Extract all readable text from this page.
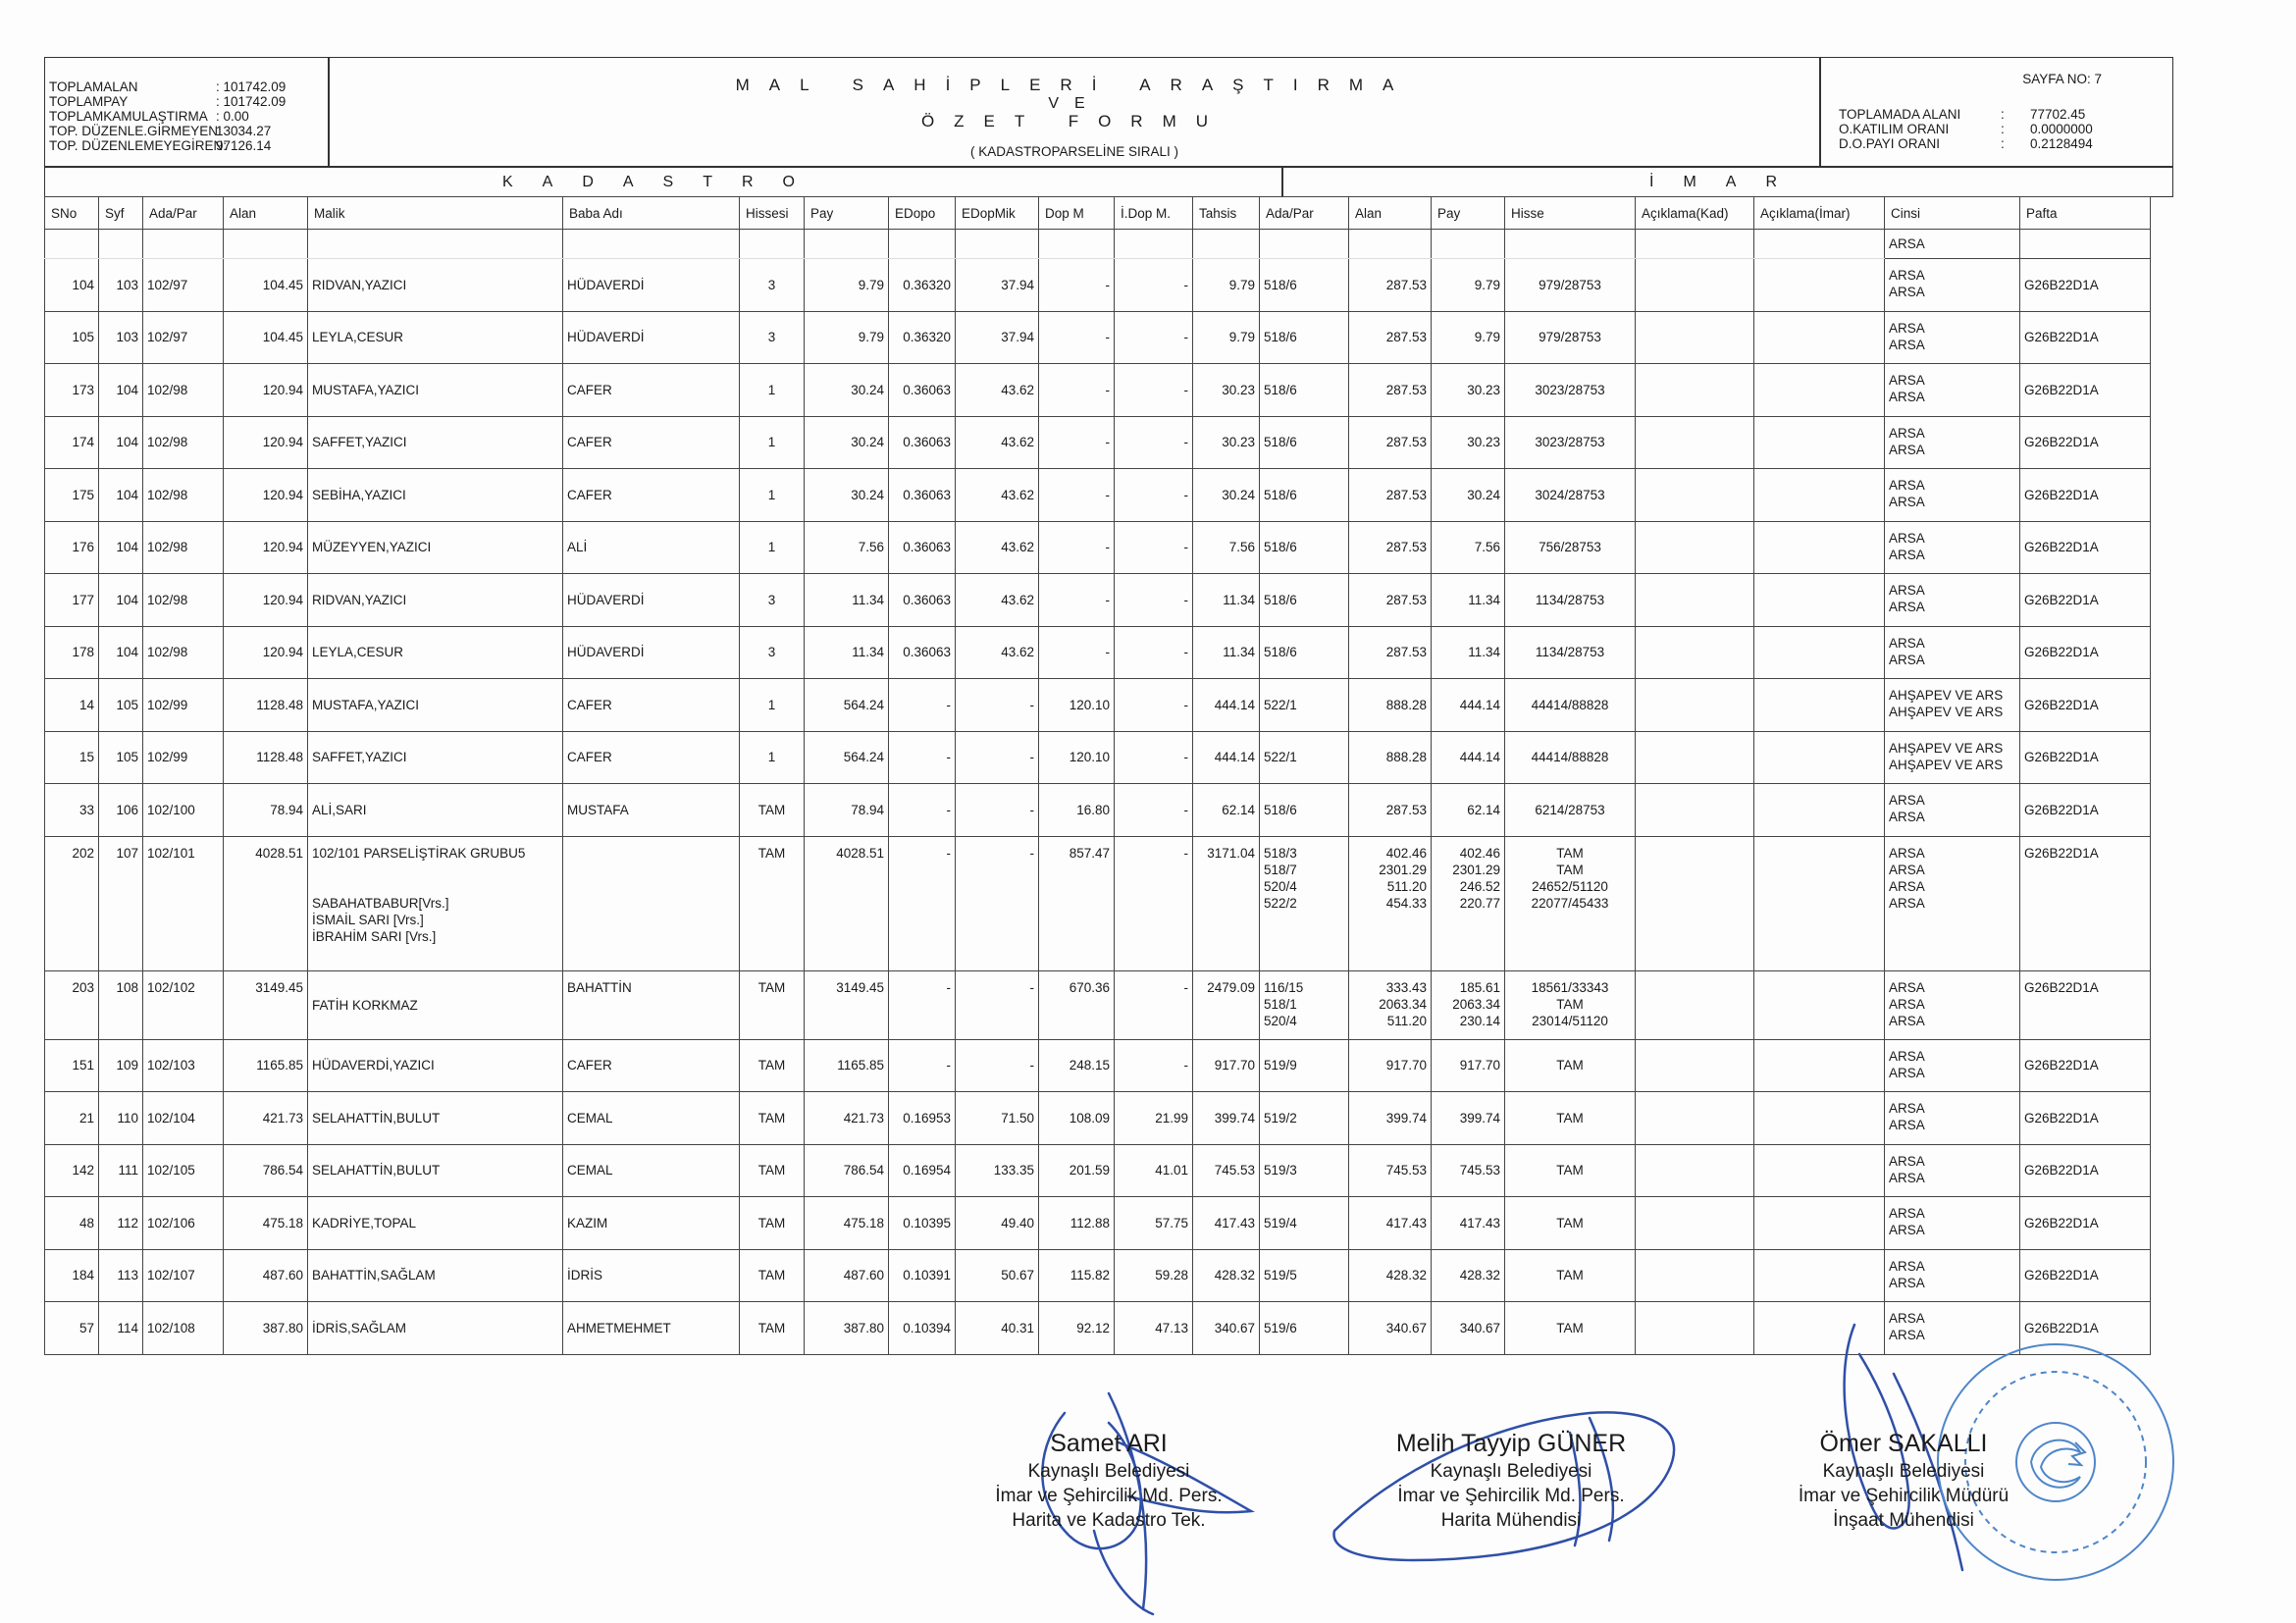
TOPLAMALAN	: 101742.09
TOPLAMPAY	: 101742.09
TOPLAMKAMULAŞTIRMA : 0.00
TOP. DÜZENLE.GİRMEYEN:
13034.27
TOP. DÜZENLEMEYEGİREN:
97126.14
MAL SAHİPLERİ ARAŞTIRMA
VE
ÖZET FORMU
( KADASTROPARSELİNE SIRALI )
SAYFA NO: 7
TOPLAMADA ALANI	:	77702.45
O.KATILIM ORANI	:	0.0000000
D.O.PAYI ORANI	:	0.2128494
KADASTRO	İMAR
SNo	Syf	Ada/Par	Alan	Malik	Baba Adı	Hissesi	Pay	EDopo	EDopMik	Dop M	İ.Dop M.	Tahsis	Ada/Par	Alan	Pay	Hisse	Açıklama(Kad)	Açıklama(İmar)	Cinsi	Pafta
																			ARSA	
104	103	102/97	104.45	RIDVAN,YAZICI	HÜDAVERDİ	3	9.79	0.36320	37.94	-	-	9.79	518/6	287.53	9.79	979/28753			ARSA
ARSA	G26B22D1A
105	103	102/97	104.45	LEYLA,CESUR	HÜDAVERDİ	3	9.79	0.36320	37.94	-	-	9.79	518/6	287.53	9.79	979/28753			ARSA
ARSA	G26B22D1A
173	104	102/98	120.94	MUSTAFA,YAZICI	CAFER	1	30.24	0.36063	43.62	-	-	30.23	518/6	287.53	30.23	3023/28753			ARSA
ARSA	G26B22D1A
174	104	102/98	120.94	SAFFET,YAZICI	CAFER	1	30.24	0.36063	43.62	-	-	30.23	518/6	287.53	30.23	3023/28753			ARSA
ARSA	G26B22D1A
175	104	102/98	120.94	SEBİHA,YAZICI	CAFER	1	30.24	0.36063	43.62	-	-	30.24	518/6	287.53	30.24	3024/28753			ARSA
ARSA	G26B22D1A
176	104	102/98	120.94	MÜZEYYEN,YAZICI	ALİ	1	7.56	0.36063	43.62	-	-	7.56	518/6	287.53	7.56	756/28753			ARSA
ARSA	G26B22D1A
177	104	102/98	120.94	RIDVAN,YAZICI	HÜDAVERDİ	3	11.34	0.36063	43.62	-	-	11.34	518/6	287.53	11.34	1134/28753			ARSA
ARSA	G26B22D1A
178	104	102/98	120.94	LEYLA,CESUR	HÜDAVERDİ	3	11.34	0.36063	43.62	-	-	11.34	518/6	287.53	11.34	1134/28753			ARSA
ARSA	G26B22D1A
14	105	102/99	1128.48	MUSTAFA,YAZICI	CAFER	1	564.24	-	-	120.10	-	444.14	522/1	888.28	444.14	44414/88828			AHŞAPEV VE ARS
AHŞAPEV VE ARS	G26B22D1A
15	105	102/99	1128.48	SAFFET,YAZICI	CAFER	1	564.24	-	-	120.10	-	444.14	522/1	888.28	444.14	44414/88828			AHŞAPEV VE ARS
AHŞAPEV VE ARS	G26B22D1A
33	106	102/100	78.94	ALİ,SARI	MUSTAFA	TAM	78.94	-	-	16.80	-	62.14	518/6	287.53	62.14	6214/28753			ARSA
ARSA	G26B22D1A
202	107	102/101	4028.51	102/101 PARSELİŞTİRAK GRUBU5

SABAHATBABUR[Vrs.]
İSMAİL SARI [Vrs.]
İBRAHİM SARI [Vrs.]		TAM	4028.51	-	-	857.47	-	3171.04	518/3
518/7
520/4
522/2	402.46
2301.29
511.20
454.33	402.46
2301.29
246.52
220.77	TAM
TAM
24652/51120
22077/45433			ARSA
ARSA
ARSA
ARSA	G26B22D1A
203	108	102/102	3149.45	FATİH KORKMAZ	BAHATTİN	TAM	3149.45	-	-	670.36	-	2479.09	116/15
518/1
520/4	333.43
2063.34
511.20	185.61
2063.34
230.14	18561/33343
TAM
23014/51120			ARSA
ARSA
ARSA	G26B22D1A
151	109	102/103	1165.85	HÜDAVERDİ,YAZICI	CAFER	TAM	1165.85	-	-	248.15	-	917.70	519/9	917.70	917.70	TAM			ARSA
ARSA	G26B22D1A
21	110	102/104	421.73	SELAHATTİN,BULUT	CEMAL	TAM	421.73	0.16953	71.50	108.09	21.99	399.74	519/2	399.74	399.74	TAM			ARSA
ARSA	G26B22D1A
142	111	102/105	786.54	SELAHATTİN,BULUT	CEMAL	TAM	786.54	0.16954	133.35	201.59	41.01	745.53	519/3	745.53	745.53	TAM			ARSA
ARSA	G26B22D1A
48	112	102/106	475.18	KADRİYE,TOPAL	KAZIM	TAM	475.18	0.10395	49.40	112.88	57.75	417.43	519/4	417.43	417.43	TAM			ARSA
ARSA	G26B22D1A
184	113	102/107	487.60	BAHATTİN,SAĞLAM	İDRİS	TAM	487.60	0.10391	50.67	115.82	59.28	428.32	519/5	428.32	428.32	TAM			ARSA
ARSA	G26B22D1A
57	114	102/108	387.80	İDRİS,SAĞLAM	AHMETMEHMET	TAM	387.80	0.10394	40.31	92.12	47.13	340.67	519/6	340.67	340.67	TAM			ARSA
ARSA	G26B22D1A
Samet ARI
Kaynaşlı Belediyesi
İmar ve Şehircilik Md. Pers.
Harita ve Kadastro Tek.
Melih Tayyip GÜNER
Kaynaşlı Belediyesi
İmar ve Şehircilik Md. Pers.
Harita Mühendisi
Ömer SAKALLI
Kaynaşlı Belediyesi
İmar ve Şehircilik Müdürü
İnşaat Mühendisi
